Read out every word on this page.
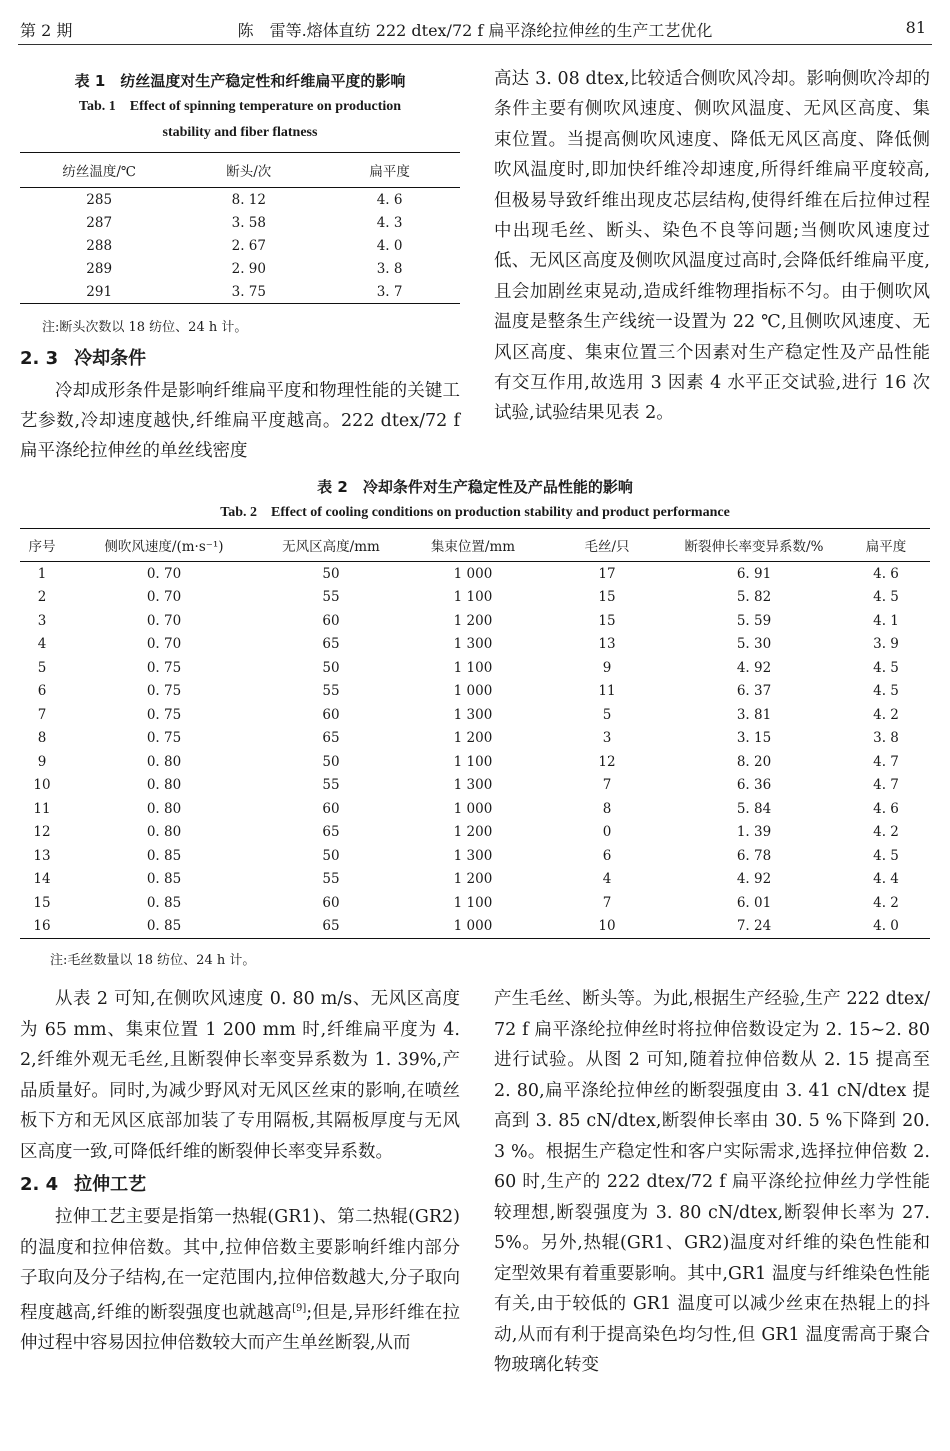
第 2 期	陈　雷等.熔体直纺 222 dtex/72 f 扁平涤纶拉伸丝的生产工艺优化	81
表 1　纺丝温度对生产稳定性和纤维扁平度的影响
Tab. 1　Effect of spinning temperature on production
stability and fiber flatness
纺丝温度/℃	断头/次	扁平度
285	8. 12	4. 6
287	3. 58	4. 3
288	2. 67	4. 0
289	2. 90	3. 8
291	3. 75	3. 7
注:断头次数以 18 纺位、24 h 计。
2. 3 冷却条件
冷却成形条件是影响纤维扁平度和物理性能的关键工艺参数,冷却速度越快,纤维扁平度越高。222 dtex/72 f 扁平涤纶拉伸丝的单丝线密度
高达 3. 08 dtex,比较适合侧吹风冷却。影响侧吹冷却的条件主要有侧吹风速度、侧吹风温度、无风区高度、集束位置。当提高侧吹风速度、降低无风区高度、降低侧吹风温度时,即加快纤维冷却速度,所得纤维扁平度较高,但极易导致纤维出现皮芯层结构,使得纤维在后拉伸过程中出现毛丝、断头、染色不良等问题;当侧吹风速度过低、无风区高度及侧吹风温度过高时,会降低纤维扁平度,且会加剧丝束晃动,造成纤维物理指标不匀。由于侧吹风温度是整条生产线统一设置为 22 ℃,且侧吹风速度、无风区高度、集束位置三个因素对生产稳定性及产品性能有交互作用,故选用 3 因素 4 水平正交试验,进行 16 次试验,试验结果见表 2。
表 2　冷却条件对生产稳定性及产品性能的影响
Tab. 2　Effect of cooling conditions on production stability and product performance
序号	侧吹风速度/(m·s⁻¹)	无风区高度/mm	集束位置/mm	毛丝/只	断裂伸长率变异系数/%	扁平度
1	0. 70	50	1 000	17	6. 91	4. 6
2	0. 70	55	1 100	15	5. 82	4. 5
3	0. 70	60	1 200	15	5. 59	4. 1
4	0. 70	65	1 300	13	5. 30	3. 9
5	0. 75	50	1 100	9	4. 92	4. 5
6	0. 75	55	1 000	11	6. 37	4. 5
7	0. 75	60	1 300	5	3. 81	4. 2
8	0. 75	65	1 200	3	3. 15	3. 8
9	0. 80	50	1 100	12	8. 20	4. 7
10	0. 80	55	1 300	7	6. 36	4. 7
11	0. 80	60	1 000	8	5. 84	4. 6
12	0. 80	65	1 200	0	1. 39	4. 2
13	0. 85	50	1 300	6	6. 78	4. 5
14	0. 85	55	1 200	4	4. 92	4. 4
15	0. 85	60	1 100	7	6. 01	4. 2
16	0. 85	65	1 000	10	7. 24	4. 0
注:毛丝数量以 18 纺位、24 h 计。
从表 2 可知,在侧吹风速度 0. 80 m/s、无风区高度为 65 mm、集束位置 1 200 mm 时,纤维扁平度为 4. 2,纤维外观无毛丝,且断裂伸长率变异系数为 1. 39%,产品质量好。同时,为减少野风对无风区丝束的影响,在喷丝板下方和无风区底部加装了专用隔板,其隔板厚度与无风区高度一致,可降低纤维的断裂伸长率变异系数。
2. 4 拉伸工艺
拉伸工艺主要是指第一热辊(GR1)、第二热辊(GR2)的温度和拉伸倍数。其中,拉伸倍数主要影响纤维内部分子取向及分子结构,在一定范围内,拉伸倍数越大,分子取向程度越高,纤维的断裂强度也就越高[9];但是,异形纤维在拉伸过程中容易因拉伸倍数较大而产生单丝断裂,从而
产生毛丝、断头等。为此,根据生产经验,生产 222 dtex/72 f 扁平涤纶拉伸丝时将拉伸倍数设定为 2. 15~2. 80 进行试验。从图 2 可知,随着拉伸倍数从 2. 15 提高至 2. 80,扁平涤纶拉伸丝的断裂强度由 3. 41 cN/dtex 提高到 3. 85 cN/dtex,断裂伸长率由 30. 5 %下降到 20. 3 %。根据生产稳定性和客户实际需求,选择拉伸倍数 2. 60 时,生产的 222 dtex/72 f 扁平涤纶拉伸丝力学性能较理想,断裂强度为 3. 80 cN/dtex,断裂伸长率为 27. 5%。另外,热辊(GR1、GR2)温度对纤维的染色性能和定型效果有着重要影响。其中,GR1 温度与纤维染色性能有关,由于较低的 GR1 温度可以减少丝束在热辊上的抖动,从而有利于提高染色均匀性,但 GR1 温度需高于聚合物玻璃化转变
